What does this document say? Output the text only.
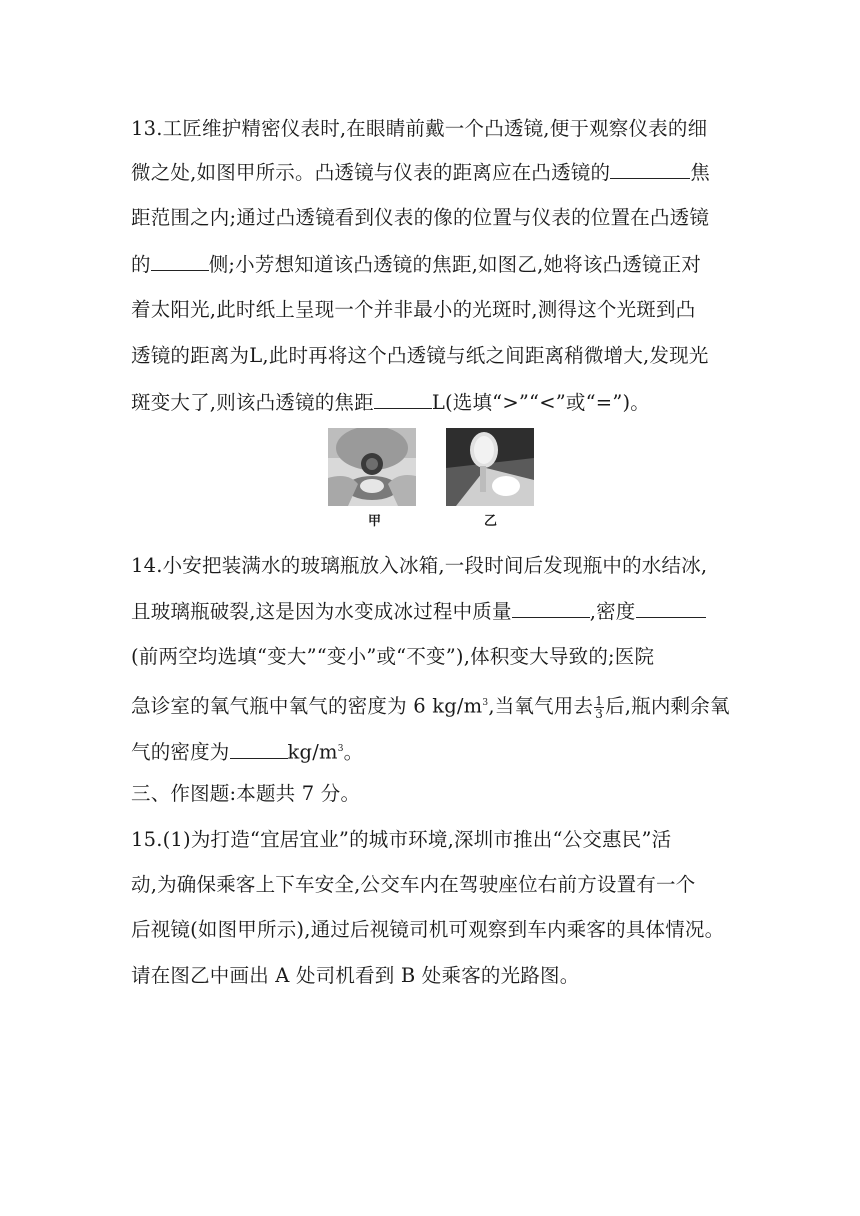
13.工匠维护精密仪表时,在眼睛前戴一个凸透镜,便于观察仪表的细
微之处,如图甲所示。凸透镜与仪表的距离应在凸透镜的	焦
距范围之内;通过凸透镜看到仪表的像的位置与仪表的位置在凸透镜
的	侧;小芳想知道该凸透镜的焦距,如图乙,她将该凸透镜正对
着太阳光,此时纸上呈现一个并非最小的光斑时,测得这个光斑到凸
透镜的距离为L,此时再将这个凸透镜与纸之间距离稍微增大,发现光
斑变大了,则该凸透镜的焦距	L(选填“>”“<”或“=”)。
甲	乙
14.小安把装满水的玻璃瓶放入冰箱,一段时间后发现瓶中的水结冰,
且玻璃瓶破裂,这是因为水变成冰过程中质量	,密度
(前两空均选填“变大”“变小”或“不变”),体积变大导致的;医院
急诊室的氧气瓶中氧气的密度为 6 $kg/m^3$,当氧气用去 $\frac{1}{3}$ 后,瓶内剩余氧
气的密度为	$kg/m^3$。
三、作图题:本题共 7 分。
15.(1)为打造“宜居宜业”的城市环境,深圳市推出“公交惠民”活
动,为确保乘客上下车安全,公交车内在驾驶座位右前方设置有一个
后视镜(如图甲所示),通过后视镜司机可观察到车内乘客的具体情况。
请在图乙中画出 A 处司机看到 B 处乘客的光路图。
